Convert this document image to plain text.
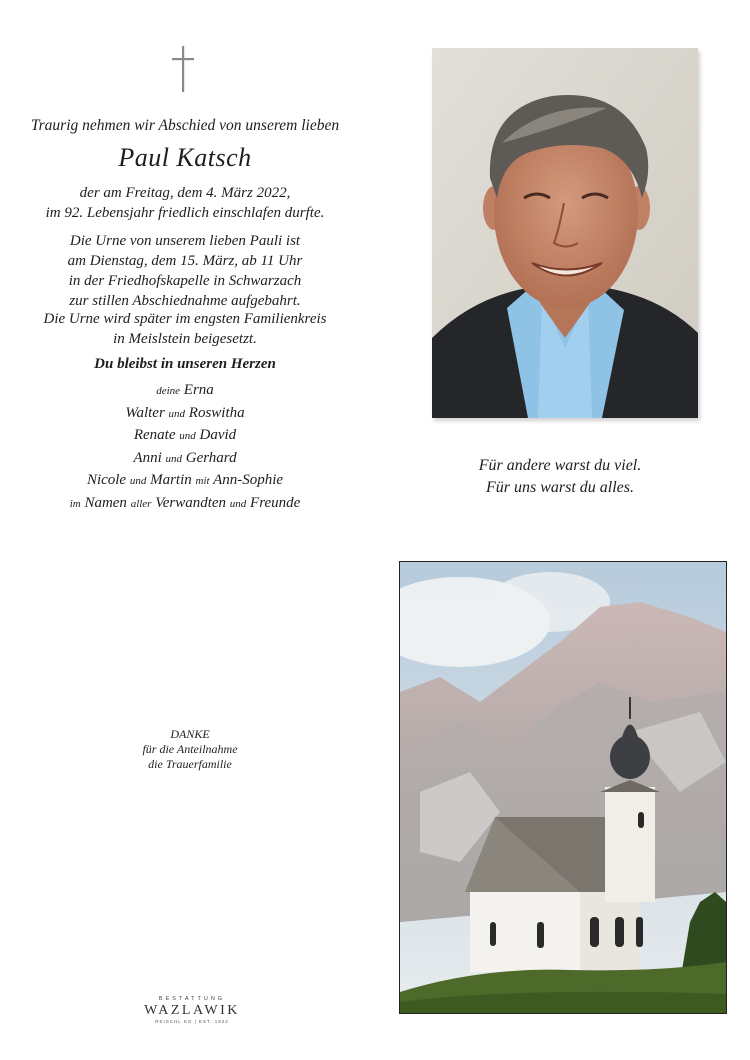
Traurig nehmen wir Abschied von unserem lieben
Paul Katsch
der am Freitag, dem 4. März 2022,
im 92. Lebensjahr friedlich einschlafen durfte.
Die Urne von unserem lieben Pauli ist
am Dienstag, dem 15. März, ab 11 Uhr
in der Friedhofskapelle in Schwarzach
zur stillen Abschiednahme aufgebahrt.
Die Urne wird später im engsten Familienkreis
in Meislstein beigesetzt.
Du bleibst in unseren Herzen
deine Erna
Walter und Roswitha
Renate und David
Anni und Gerhard
Nicole und Martin mit Ann-Sophie
im Namen aller Verwandten und Freunde
Für andere warst du viel.
Für uns warst du alles.
DANKE
für die Anteilnahme
die Trauerfamilie
BESTATTUNG
WAZLAWIK
REISCHL KG | EST. 1922
